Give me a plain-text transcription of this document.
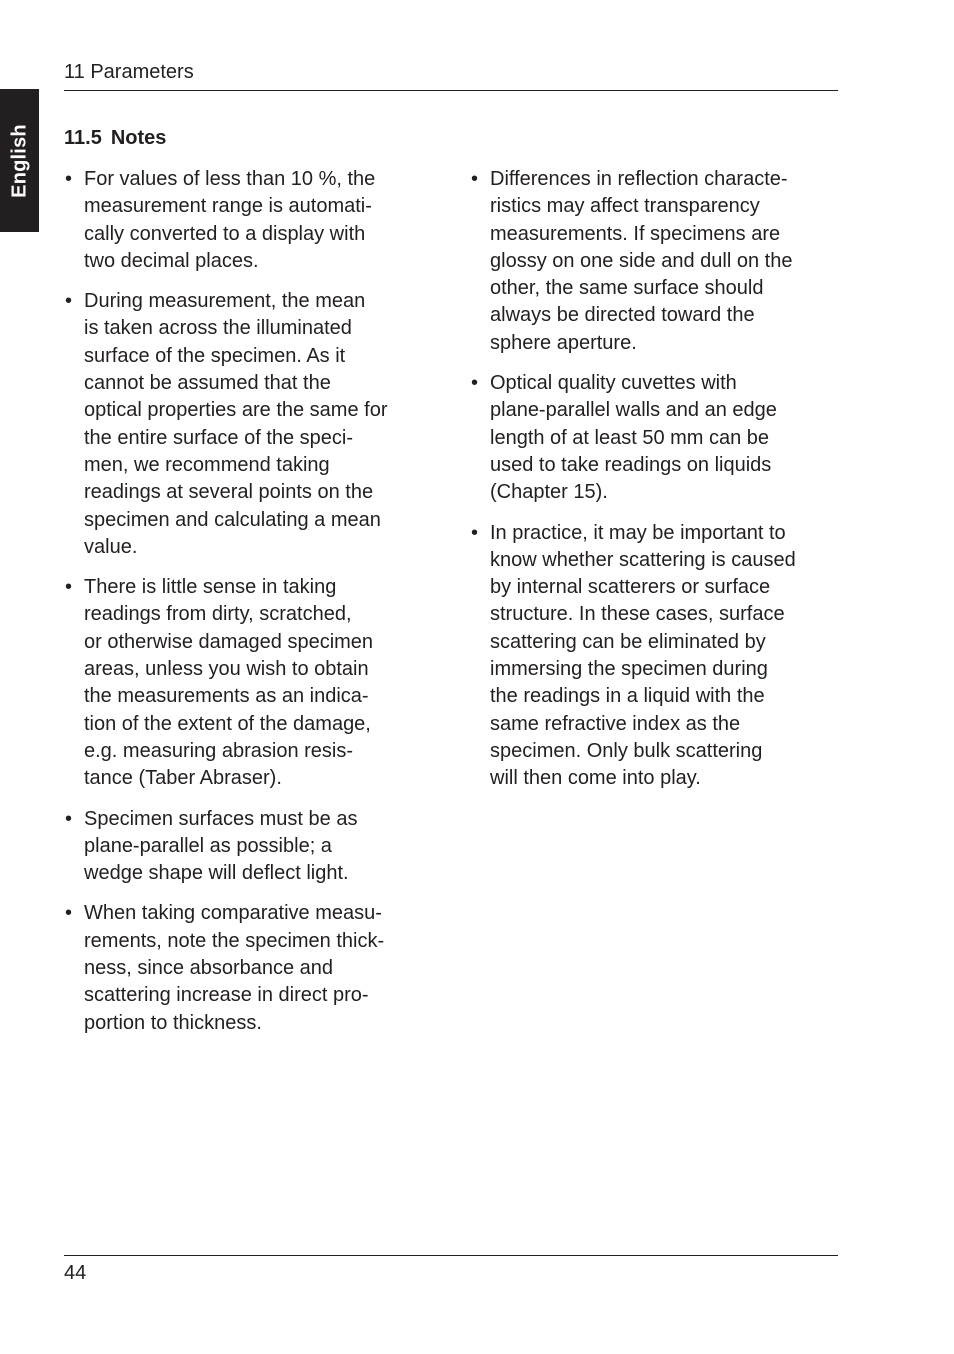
English
11 Parameters
11.5 Notes
• For values of less than 10 %, the
measurement range is automati-
cally converted to a display with
two decimal places.
• During measurement, the mean
is taken across the illuminated
surface of the specimen. As it
cannot be assumed that the
optical properties are the same for
the entire surface of the speci-
men, we recommend taking
readings at several points on the
specimen and calculating a mean
value.
• There is little sense in taking
readings from dirty, scratched,
or otherwise damaged specimen
areas, unless you wish to obtain
the measurements as an indica-
tion of the extent of the damage,
e.g. measuring abrasion resis-
tance (Taber Abraser).
• Specimen surfaces must be as
plane-parallel as possible; a
wedge shape will deflect light.
• When taking comparative measu-
rements, note the specimen thick-
ness, since absorbance and
scattering increase in direct pro-
portion to thickness.
• Differences in reflection characte-
ristics may affect transparency
measurements. If specimens are
glossy on one side and dull on the
other, the same surface should
always be directed toward the
sphere aperture.
• Optical quality cuvettes with
plane-parallel walls and an edge
length of at least 50 mm can be
used to take readings on liquids
(Chapter 15).
• In practice, it may be important to
know whether scattering is caused
by internal scatterers or surface
structure. In these cases, surface
scattering can be eliminated by
immersing the specimen during
the readings in a liquid with the
same refractive index as the
specimen. Only bulk scattering
will then come into play.
44
